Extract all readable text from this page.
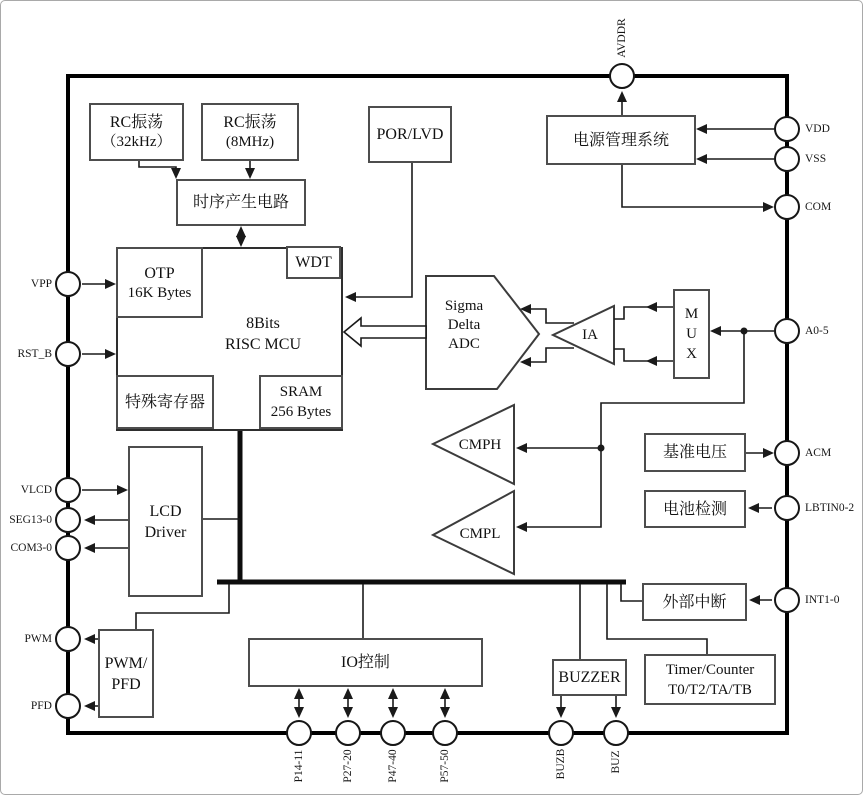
RC振荡
（32kHz）
RC振荡
(8MHz)
时序产生电路
POR/LVD	电源管理系统
8Bits
RISC MCU
OTP
16K Bytes
WDT
特殊寄存器
SRAM
256 Bytes
Sigma
Delta
ADC
IA
CMPH
CMPL
M
U
X
基准电压
电池检测
LCD
Driver
外部中断
PWM/
PFD
IO控制
BUZZER	Timer/Counter
T0/T2/TA/TB
AVDDR
VDD
VSS
COM
A0-5
ACM
LBTIN0-2
INT1-0
VPP
RST_B
VLCD
SEG13-0
COM3-0
PWM
PFD
P14-11	P27-20	P47-40	P57-50	BUZB	BUZ
